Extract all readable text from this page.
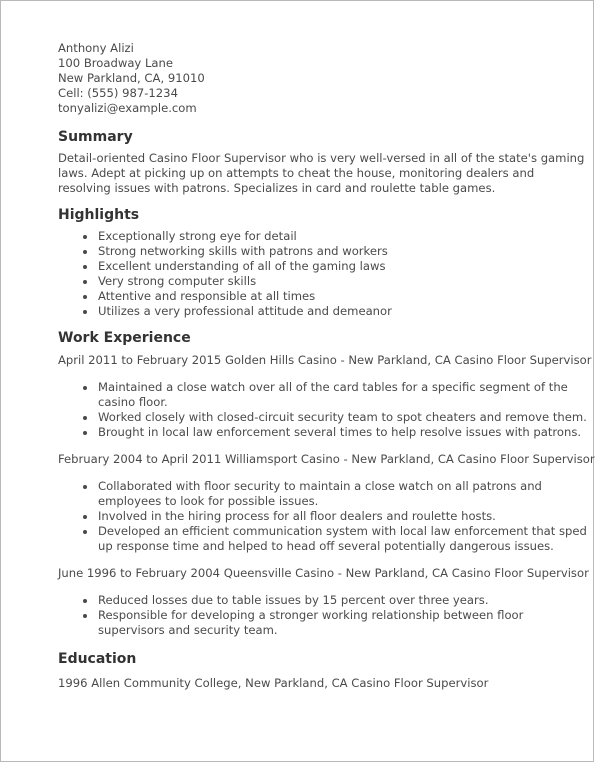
Anthony Alizi
100 Broadway Lane
New Parkland, CA, 91010
Cell: (555) 987-1234
tonyalizi@example.com
Summary
Detail-oriented Casino Floor Supervisor who is very well-versed in all of the state's gaming laws. Adept at picking up on attempts to cheat the house, monitoring dealers and resolving issues with patrons. Specializes in card and roulette table games.
Highlights
Exceptionally strong eye for detail
Strong networking skills with patrons and workers
Excellent understanding of all of the gaming laws
Very strong computer skills
Attentive and responsible at all times
Utilizes a very professional attitude and demeanor
Work Experience
April 2011 to February 2015 Golden Hills Casino - New Parkland, CA Casino Floor Supervisor
Maintained a close watch over all of the card tables for a specific segment of the casino floor.
Worked closely with closed-circuit security team to spot cheaters and remove them.
Brought in local law enforcement several times to help resolve issues with patrons.
February 2004 to April 2011 Williamsport Casino - New Parkland, CA Casino Floor Supervisor
Collaborated with floor security to maintain a close watch on all patrons and employees to look for possible issues.
Involved in the hiring process for all floor dealers and roulette hosts.
Developed an efficient communication system with local law enforcement that sped up response time and helped to head off several potentially dangerous issues.
June 1996 to February 2004 Queensville Casino - New Parkland, CA Casino Floor Supervisor
Reduced losses due to table issues by 15 percent over three years.
Responsible for developing a stronger working relationship between floor supervisors and security team.
Education
1996 Allen Community College, New Parkland, CA Casino Floor Supervisor
